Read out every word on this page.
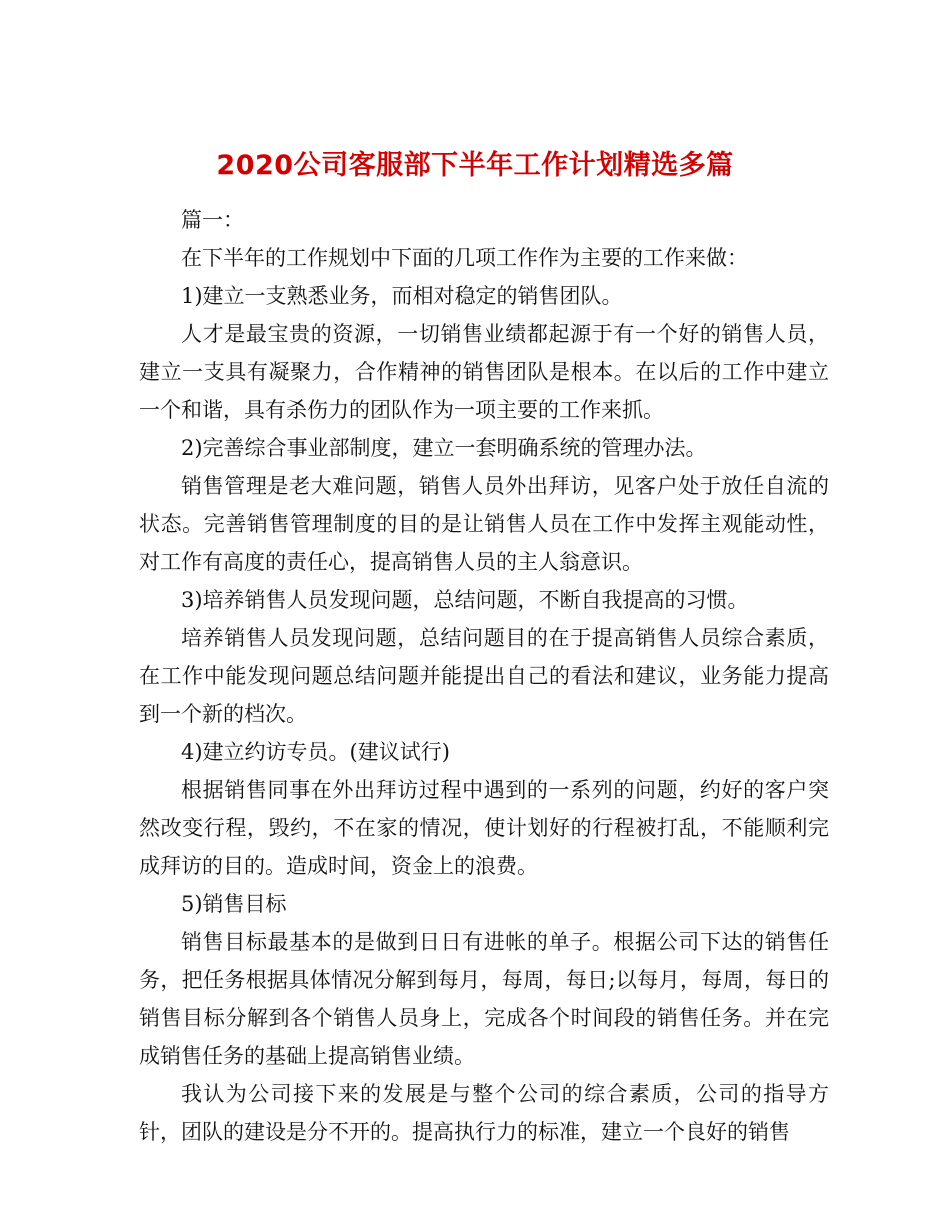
2020公司客服部下半年工作计划精选多篇

篇一：

在下半年的工作规划中下面的几项工作作为主要的工作来做：

1)建立一支熟悉业务，而相对稳定的销售团队。

人才是最宝贵的资源，一切销售业绩都起源于有一个好的销售人员，建立一支具有凝聚力，合作精神的销售团队是根本。在以后的工作中建立一个和谐，具有杀伤力的团队作为一项主要的工作来抓。

2)完善综合事业部制度，建立一套明确系统的管理办法。

销售管理是老大难问题，销售人员外出拜访，见客户处于放任自流的状态。完善销售管理制度的目的是让销售人员在工作中发挥主观能动性，对工作有高度的责任心，提高销售人员的主人翁意识。

3)培养销售人员发现问题，总结问题，不断自我提高的习惯。

培养销售人员发现问题，总结问题目的在于提高销售人员综合素质，在工作中能发现问题总结问题并能提出自己的看法和建议，业务能力提高到一个新的档次。

4)建立约访专员。(建议试行)

根据销售同事在外出拜访过程中遇到的一系列的问题，约好的客户突然改变行程，毁约，不在家的情况，使计划好的行程被打乱，不能顺利完成拜访的目的。造成时间，资金上的浪费。

5)销售目标

销售目标最基本的是做到日日有进帐的单子。根据公司下达的销售任务，把任务根据具体情况分解到每月，每周，每日;以每月，每周，每日的销售目标分解到各个销售人员身上，完成各个时间段的销售任务。并在完成销售任务的基础上提高销售业绩。

我认为公司接下来的发展是与整个公司的综合素质，公司的指导方针，团队的建设是分不开的。提高执行力的标准，建立一个良好的销售
